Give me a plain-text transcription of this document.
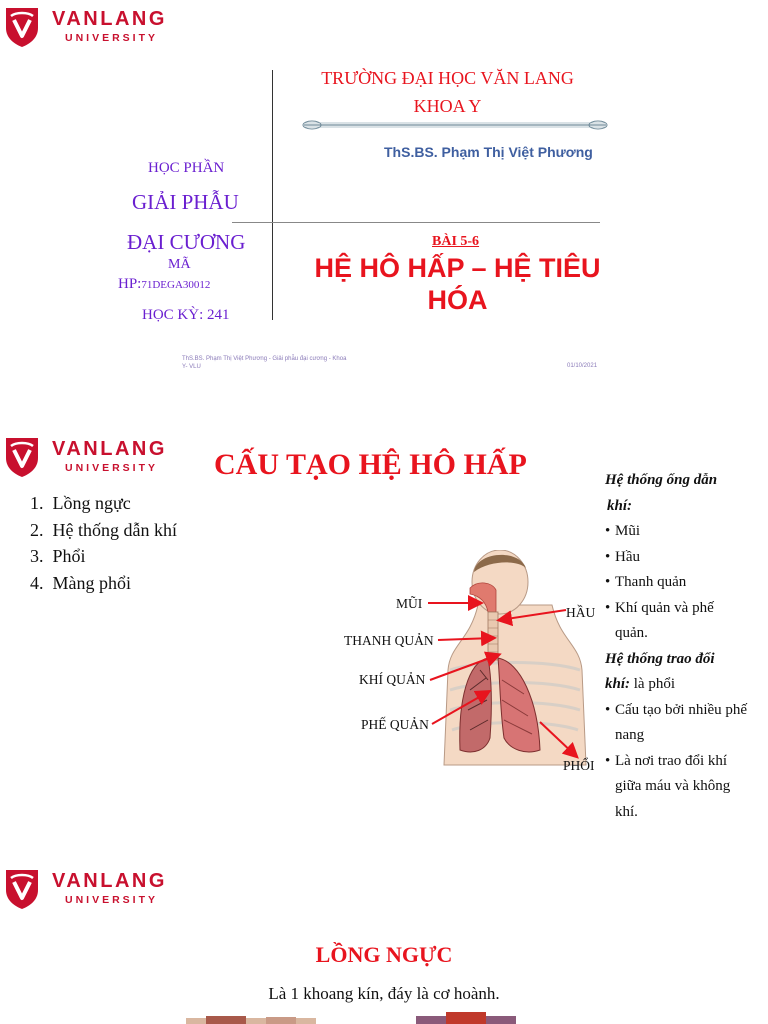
VANLANG
UNIVERSITY
TRƯỜNG ĐẠI HỌC VĂN LANG
KHOA Y
ThS.BS. Phạm Thị Việt Phương
HỌC PHẦN
GIẢI PHẪU
ĐẠI CƯƠNG
MÃ
HP:71DEGA30012
HỌC KỲ: 241
BÀI 5-6
HỆ HÔ HẤP – HỆ TIÊU
HÓA
ThS.BS. Phạm Thị Việt Phương - Giải phẫu đại cương - Khoa
Y- VLU	01/10/2021
VANLANG
UNIVERSITY CẤU TẠO HỆ HÔ HẤP
1.  Lồng ngực
2.  Hệ thống dẫn khí
3.  Phổi
4.  Màng phổi
MŨI
THANH QUẢN
KHÍ QUẢN
PHẾ QUẢN
HẦU
PHỔI
Hệ thống ống dẫn khí:
• Mũi
• Hầu
• Thanh quản
• Khí quản và phế quản.
Hệ thống trao đổi khí: là phổi
• Cấu tạo bởi nhiều phế nang
• Là nơi trao đổi khí giữa máu và không khí.
VANLANG
UNIVERSITY
LỒNG NGỰC
Là 1 khoang kín, đáy là cơ hoành.
